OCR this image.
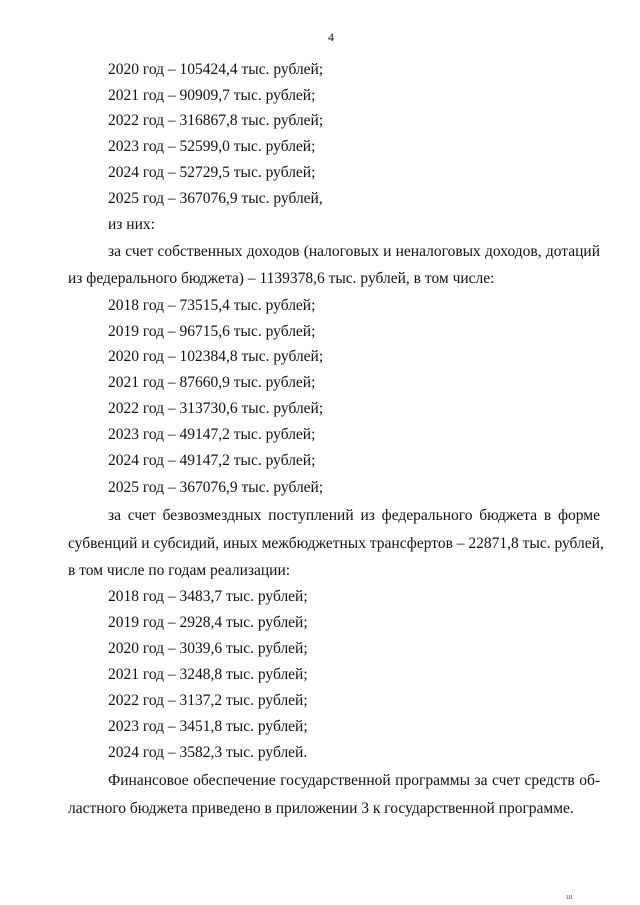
4
2020 год – 105424,4 тыс. рублей;
2021 год – 90909,7 тыс. рублей;
2022 год – 316867,8 тыс. рублей;
2023 год – 52599,0 тыс. рублей;
2024 год – 52729,5 тыс. рублей;
2025 год – 367076,9 тыс. рублей,
из них:
за счет собственных доходов (налоговых и неналоговых доходов, дотаций
из федерального бюджета) – 1139378,6 тыс. рублей, в том числе:
2018 год – 73515,4 тыс. рублей;
2019 год – 96715,6 тыс. рублей;
2020 год – 102384,8 тыс. рублей;
2021 год – 87660,9 тыс. рублей;
2022 год – 313730,6 тыс. рублей;
2023 год – 49147,2 тыс. рублей;
2024 год – 49147,2 тыс. рублей;
2025 год – 367076,9 тыс. рублей;
за счет безвозмездных поступлений из федерального бюджета в форме
субвенций и субсидий, иных межбюджетных трансфертов – 22871,8 тыс. рублей,
в том числе по годам реализации:
2018 год – 3483,7 тыс. рублей;
2019 год – 2928,4 тыс. рублей;
2020 год – 3039,6 тыс. рублей;
2021 год – 3248,8 тыс. рублей;
2022 год – 3137,2 тыс. рублей;
2023 год – 3451,8 тыс. рублей;
2024 год – 3582,3 тыс. рублей.
Финансовое обеспечение государственной программы за счет средств об-
ластного бюджета приведено в приложении 3 к государственной программе.
ııı
